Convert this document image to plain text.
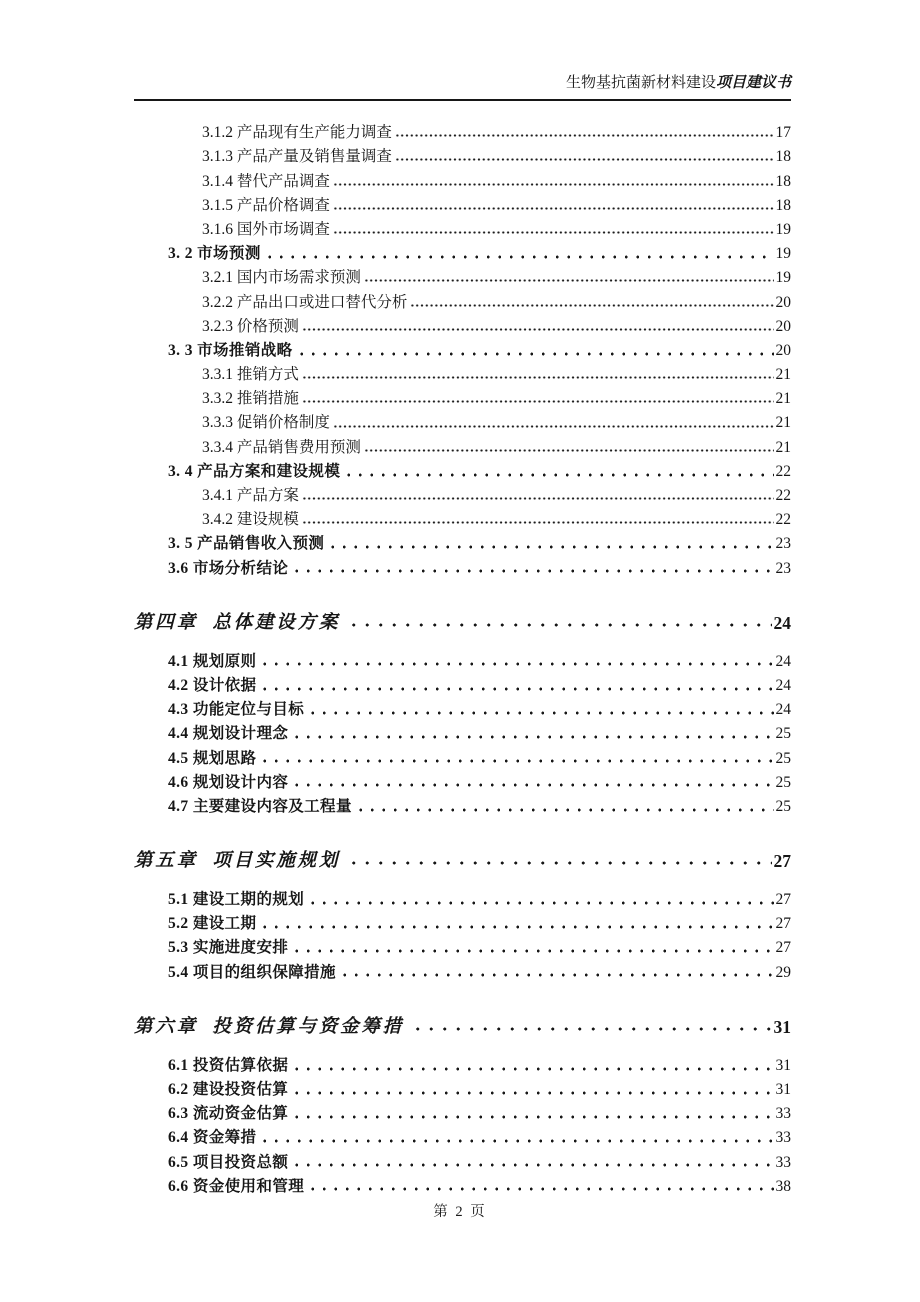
生物基抗菌新材料建设项目建议书
3.1.2 产品现有生产能力调查	17
3.1.3 产品产量及销售量调查	18
3.1.4 替代产品调查	18
3.1.5 产品价格调查	18
3.1.6 国外市场调查	19
3. 2 市场预测	19
3.2.1 国内市场需求预测	19
3.2.2 产品出口或进口替代分析	20
3.2.3 价格预测	20
3. 3 市场推销战略	20
3.3.1 推销方式	21
3.3.2 推销措施	21
3.3.3 促销价格制度	21
3.3.4 产品销售费用预测	21
3. 4 产品方案和建设规模	22
3.4.1 产品方案	22
3.4.2 建设规模	22
3. 5 产品销售收入预测	23
3.6 市场分析结论	23
第四章 总体建设方案	24
4.1 规划原则	24
4.2 设计依据	24
4.3 功能定位与目标	24
4.4 规划设计理念	25
4.5 规划思路	25
4.6 规划设计内容	25
4.7 主要建设内容及工程量	25
第五章 项目实施规划	27
5.1 建设工期的规划	27
5.2 建设工期	27
5.3 实施进度安排	27
5.4 项目的组织保障措施	29
第六章 投资估算与资金筹措	31
6.1 投资估算依据	31
6.2 建设投资估算	31
6.3 流动资金估算	33
6.4 资金筹措	33
6.5 项目投资总额	33
6.6 资金使用和管理	38
第 2 页
